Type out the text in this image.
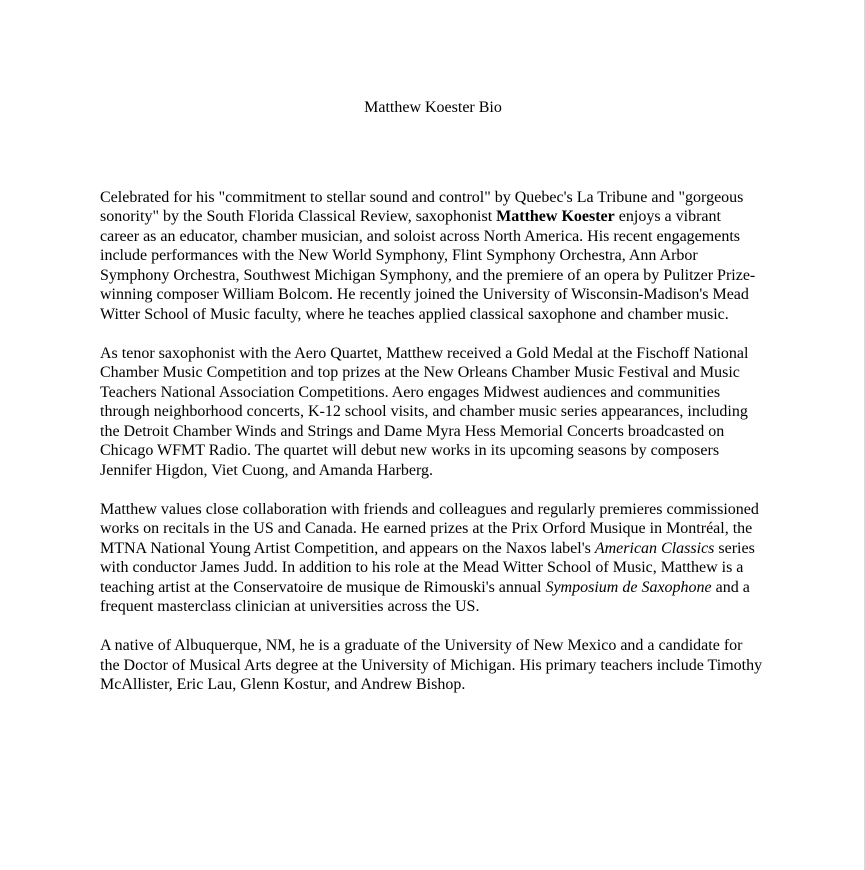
Matthew Koester Bio

Celebrated for his "commitment to stellar sound and control" by Quebec's La Tribune and "gorgeous sonority" by the South Florida Classical Review, saxophonist Matthew Koester enjoys a vibrant career as an educator, chamber musician, and soloist across North America. His recent engagements include performances with the New World Symphony, Flint Symphony Orchestra, Ann Arbor Symphony Orchestra, Southwest Michigan Symphony, and the premiere of an opera by Pulitzer Prize-winning composer William Bolcom. He recently joined the University of Wisconsin-Madison's Mead Witter School of Music faculty, where he teaches applied classical saxophone and chamber music.

As tenor saxophonist with the Aero Quartet, Matthew received a Gold Medal at the Fischoff National Chamber Music Competition and top prizes at the New Orleans Chamber Music Festival and Music Teachers National Association Competitions. Aero engages Midwest audiences and communities through neighborhood concerts, K-12 school visits, and chamber music series appearances, including the Detroit Chamber Winds and Strings and Dame Myra Hess Memorial Concerts broadcasted on Chicago WFMT Radio. The quartet will debut new works in its upcoming seasons by composers Jennifer Higdon, Viet Cuong, and Amanda Harberg.

Matthew values close collaboration with friends and colleagues and regularly premieres commissioned works on recitals in the US and Canada. He earned prizes at the Prix Orford Musique in Montréal, the MTNA National Young Artist Competition, and appears on the Naxos label's American Classics series with conductor James Judd. In addition to his role at the Mead Witter School of Music, Matthew is a teaching artist at the Conservatoire de musique de Rimouski's annual Symposium de Saxophone and a frequent masterclass clinician at universities across the US.

A native of Albuquerque, NM, he is a graduate of the University of New Mexico and a candidate for the Doctor of Musical Arts degree at the University of Michigan. His primary teachers include Timothy McAllister, Eric Lau, Glenn Kostur, and Andrew Bishop.
